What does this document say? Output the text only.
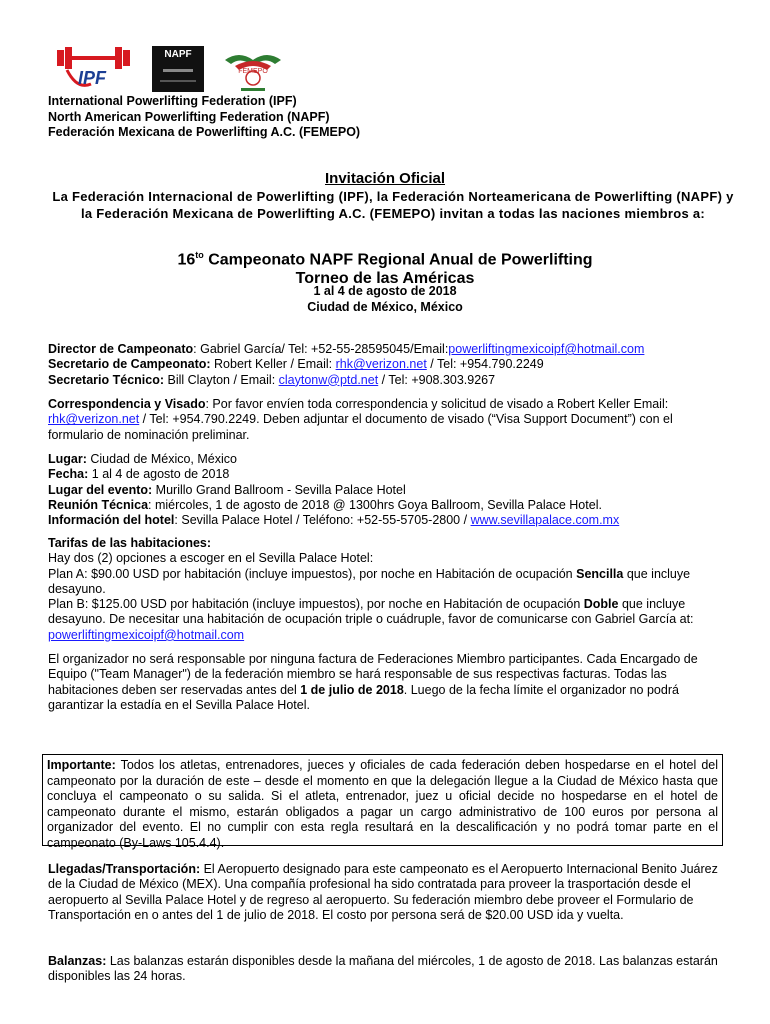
IPF
NAPF
FEMEPO
International Powerlifting Federation (IPF)
North American Powerlifting Federation (NAPF)
Federación Mexicana de Powerlifting A.C. (FEMEPO)
Invitación Oficial
La Federación Internacional de Powerlifting (IPF), la Federación Norteamericana de Powerlifting (NAPF) y la Federación Mexicana de Powerlifting A.C. (FEMEPO) invitan a todas las naciones miembros a:
$16^{to}$ Campeonato NAPF Regional Anual de Powerlifting
Torneo de las Américas
1 al 4 de agosto de 2018
Ciudad de México, México
Director de Campeonato: Gabriel García/ Tel: +52-55-28595045/Email:powerliftingmexicoipf@hotmail.com
Secretario de Campeonato: Robert Keller / Email: rhk@verizon.net / Tel: +954.790.2249
Secretario Técnico: Bill Clayton / Email: claytonw@ptd.net / Tel: +908.303.9267
Correspondencia y Visado: Por favor envíen toda correspondencia y solicitud de visado a Robert Keller Email: rhk@verizon.net / Tel: +954.790.2249. Deben adjuntar el documento de visado (“Visa Support Document”) con el formulario de nominación preliminar.
Lugar: Ciudad de México, México
Fecha: 1 al 4 de agosto de 2018
Lugar del evento: Murillo Grand Ballroom - Sevilla Palace Hotel
Reunión Técnica: miércoles, 1 de agosto de 2018 @ 1300hrs Goya Ballroom, Sevilla Palace Hotel.
Información del hotel: Sevilla Palace Hotel / Teléfono: +52-55-5705-2800 / www.sevillapalace.com.mx
Tarifas de las habitaciones:
Hay dos (2) opciones a escoger en el Sevilla Palace Hotel:
Plan A: $90.00 USD por habitación (incluye impuestos), por noche en Habitación de ocupación Sencilla que incluye desayuno.
Plan B: $125.00 USD por habitación (incluye impuestos), por noche en Habitación de ocupación Doble que incluye desayuno. De necesitar una habitación de ocupación triple o cuádruple, favor de comunicarse con Gabriel García at: powerliftingmexicoipf@hotmail.com
El organizador no será responsable por ninguna factura de Federaciones Miembro participantes. Cada Encargado de Equipo ("Team Manager") de la federación miembro se hará responsable de sus respectivas facturas. Todas las habitaciones deben ser reservadas antes del 1 de julio de 2018. Luego de la fecha límite el organizador no podrá garantizar la estadía en el Sevilla Palace Hotel.
Importante: Todos los atletas, entrenadores, jueces y oficiales de cada federación deben hospedarse en el hotel del campeonato por la duración de este – desde el momento en que la delegación llegue a la Ciudad de México hasta que concluya el campeonato o su salida. Si el atleta, entrenador, juez u oficial decide no hospedarse en el hotel de campeonato durante el mismo, estarán obligados a pagar un cargo administrativo de 100 euros por persona al organizador del evento. El no cumplir con esta regla resultará en la descalificación y no podrá tomar parte en el campeonato (By-Laws 105.4.4).
Llegadas/Transportación: El Aeropuerto designado para este campeonato es el Aeropuerto Internacional Benito Juárez de la Ciudad de México (MEX). Una compañía profesional ha sido contratada para proveer la trasportación desde el aeropuerto al Sevilla Palace Hotel y de regreso al aeropuerto. Su federación miembro debe proveer el Formulario de Transportación en o antes del 1 de julio de 2018. El costo por persona será de $20.00 USD ida y vuelta.
Balanzas: Las balanzas estarán disponibles desde la mañana del miércoles, 1 de agosto de 2018. Las balanzas estarán disponibles las 24 horas.
